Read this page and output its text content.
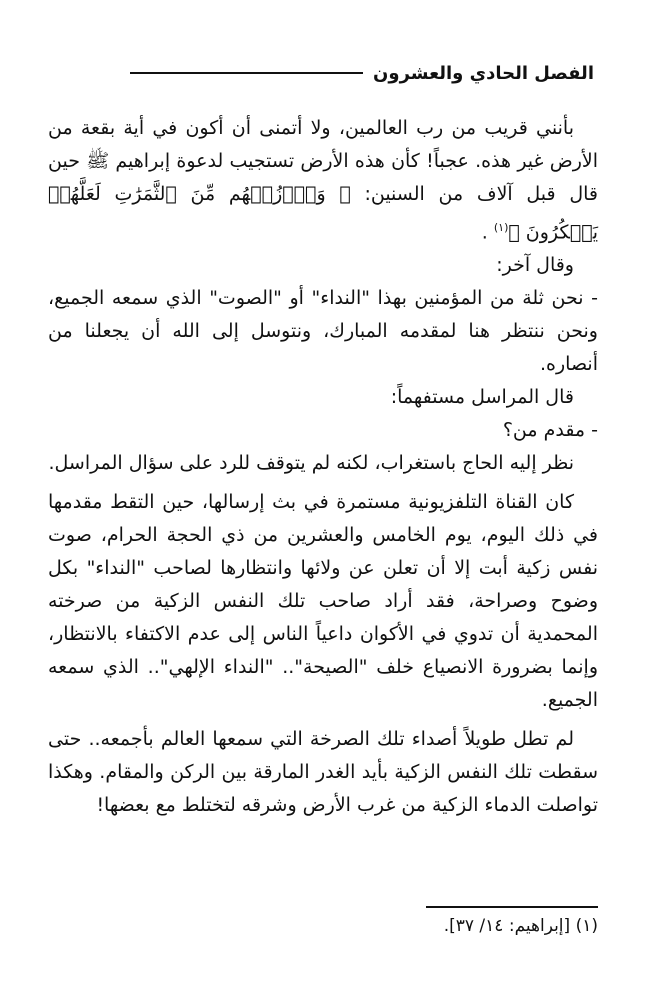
الفصل الحادي والعشرون

بأنني قريب من رب العالمين، ولا أتمنى أن أكون في أية بقعة من الأرض غير هذه. عجباً! كأن هذه الأرض تستجيب لدعوة إبراهيم ﷺ حين قال قبل آلاف من السنين: ﴿ وَٱرۡزُقۡهُم مِّنَ ٱلثَّمَرَٰتِ لَعَلَّهُمۡ يَشۡكُرُونَ ﴾$^{(١)}$ .

وقال آخر:

- نحن ثلة من المؤمنين بهذا "النداء" أو "الصوت" الذي سمعه الجميع، ونحن ننتظر هنا لمقدمه المبارك، ونتوسل إلى الله أن يجعلنا من أنصاره.

قال المراسل مستفهماً:

- مقدم من؟

نظر إليه الحاج باستغراب، لكنه لم يتوقف للرد على سؤال المراسل.

كان القناة التلفزيونية مستمرة في بث إرسالها، حين التقط مقدمها في ذلك اليوم، يوم الخامس والعشرين من ذي الحجة الحرام، صوت نفس زكية أبت إلا أن تعلن عن ولائها وانتظارها لصاحب "النداء" بكل وضوح وصراحة، فقد أراد صاحب تلك النفس الزكية من صرخته المحمدية أن تدوي في الأكوان داعياً الناس إلى عدم الاكتفاء بالانتظار، وإنما بضرورة الانصياع خلف "الصيحة".. "النداء الإلهي".. الذي سمعه الجميع.

لم تطل طويلاً أصداء تلك الصرخة التي سمعها العالم بأجمعه.. حتى سقطت تلك النفس الزكية بأيد الغدر المارقة بين الركن والمقام. وهكذا تواصلت الدماء الزكية من غرب الأرض وشرقه لتختلط مع بعضها!

(١) [إبراهيم: ١٤/ ٣٧].
